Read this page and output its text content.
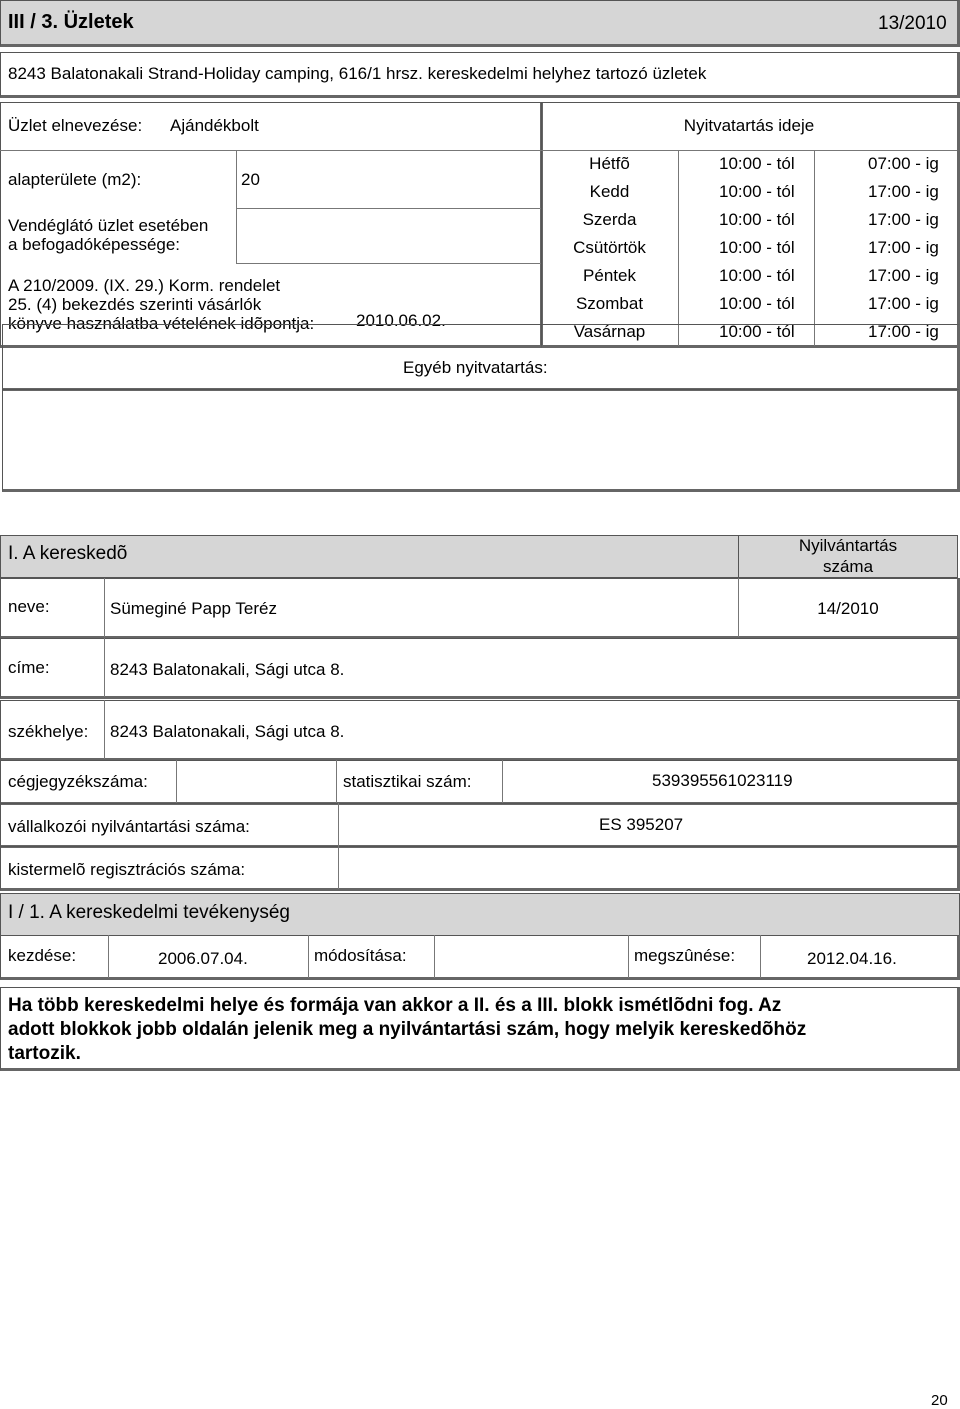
III / 3. Üzletek	13/2010
8243 Balatonakali Strand-Holiday camping, 616/1 hrsz. kereskedelmi helyhez tartozó üzletek
Üzlet elnevezése: Ajándékbolt
alapterülete (m2):	20
Vendéglátó üzlet esetében
a befogadóképessége:
A 210/2009. (IX. 29.) Korm. rendelet
25. (4) bekezdés szerinti vásárlók
könyve használatba vételének idõpontja: 2010.06.02.
Nyitvatartás ideje
Hétfõ	10:00 - tól	07:00 - ig
Kedd	10:00 - tól	17:00 - ig
Szerda	10:00 - tól	17:00 - ig
Csütörtök	10:00 - tól	17:00 - ig
Péntek	10:00 - tól	17:00 - ig
Szombat	10:00 - tól	17:00 - ig
Vasárnap	10:00 - tól	17:00 - ig
Egyéb nyitvatartás:
I. A kereskedõ	Nyilvántartás
száma
neve:	Sümeginé Papp Teréz	14/2010
címe:	8243 Balatonakali, Sági utca 8.
székhelye: 8243 Balatonakali, Sági utca 8.
cégjegyzékszáma:	statisztikai szám:	539395561023119
vállalkozói nyilvántartási száma:	ES 395207
kistermelõ regisztrációs száma:
I / 1. A kereskedelmi tevékenység
kezdése:	2006.07.04.	módosítása:	megszûnése:	2012.04.16.
Ha több kereskedelmi helye és formája van akkor a II. és a III. blokk ismétlõdni fog. Az
adott blokkok jobb oldalán jelenik meg a nyilvántartási szám, hogy melyik kereskedõhöz
tartozik.
20
